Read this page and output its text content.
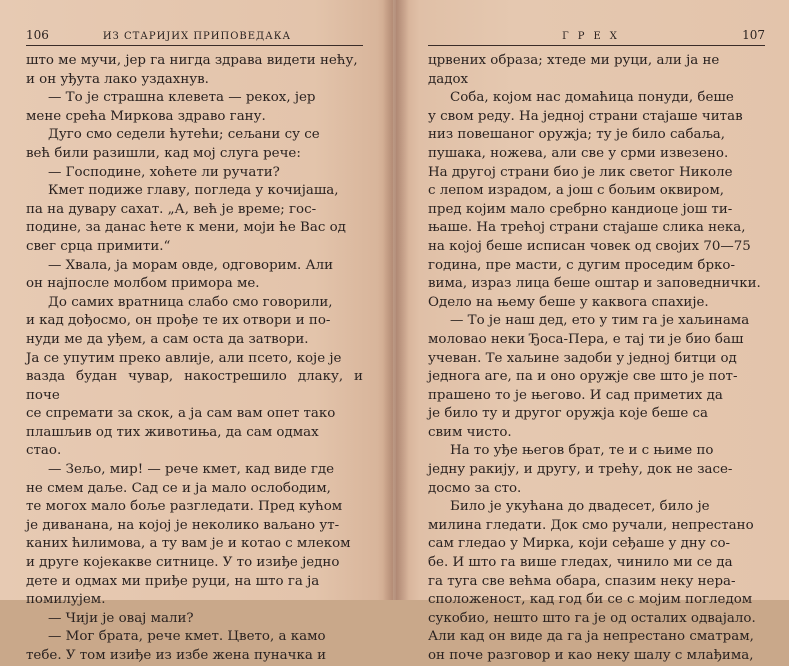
106	ИЗ СТАРИЈИХ ПРИПОВЕДАКА

што ме мучи, јер га нигда здрава видети нећу,

и он уђута лако уздахнув.

— То је страшна клевета — рекох, јер

мене срећа Миркова здраво гану.

Дуго смо седели ћутећи; сељани су се

већ били разишли, кад мој слуга рече:

— Господине, хоћете ли ручати?

Кмет подиже главу, погледа у кочијаша,

па на дувару сахат. „А, већ је време; гос-

подине, за данас ћете к мени, моји ће Вас од

свег срца примити.“

— Хвала, ја морам овде, одговорим. Али

он најпосле молбом примора ме.

До самих вратница слабо смо говорили,

и кад дођосмо, он прође те их отвори и по-

нуди ме да уђем, а сам оста да затвори.

Ја се упутим преко авлије, али псето, које је

вазда будан чувар, накострешило длаку, и поче

се спремати за скок, а ја сам вам опет тако

плашљив од тих животиња, да сам одмах

стао.

— Зељо, мир! — рече кмет, кад виде где

не смем даље. Сад се и ја мало ослободим,

те могох мало боље разгледати. Пред кућом

је диванана, на којој је неколико ваљано ут-

каних ћилимова, а ту вам је и котао с млеком

и друге којекакве ситнице. У то изиђе једно

дете и одмах ми приђе руци, на што га ја

помилујем.

— Чији је овај мали?

— Мог брата, рече кмет. Цвето, а камо

тебе. У том изиђе из избе жена пуначка и

ГРЕХ	107

црвених образа; хтеде ми руци, али ја не

дадох

Соба, којом нас домаћица понуди, беше

у свом реду. На једној страни стајаше читав

низ повешаног оружја; ту је било сабаља,

пушака, ножева, али све у срми извезено.

На другој страни био је лик светог Николе

с лепом израдом, а још с бољим оквиром,

пред којим мало сребрно кандиоце још ти-

њаше. На трећој страни стајаше слика нека,

на којој беше исписан човек од својих 70—75

година, пре масти, с дугим проседим брко-

вима, израз лица беше оштар и заповеднички.

Одело на њему беше у каквога спахије.

— То је наш дед, ето у тим га је хаљинама

моловао неки Ђоса-Пера, е тај ти је био баш

учеван. Те хаљине задоби у једној битци од

једнога аге, па и оно оружје све што је пот-

прашено то је његово. И сад приметих да

је било ту и другог оружја које беше са

свим чисто.

На то уђе његов брат, те и с њиме по

једну ракију, и другу, и трећу, док не засе-

досмо за сто.

Било је укућана до двадесет, било је

милина гледати. Док смо ручали, непрестано

сам гледао у Мирка, који сеђаше у дну со-

бе. И што га више гледах, чинило ми се да

га туга све већма обара, спазим неку нера-

сположеност, кад год би се с мојим погледом

сукобио, нешто што га је од осталих одвајало.

Али кад он виде да га ја непрестано сматрам,

он поче разговор и као неку шалу с млађима,
